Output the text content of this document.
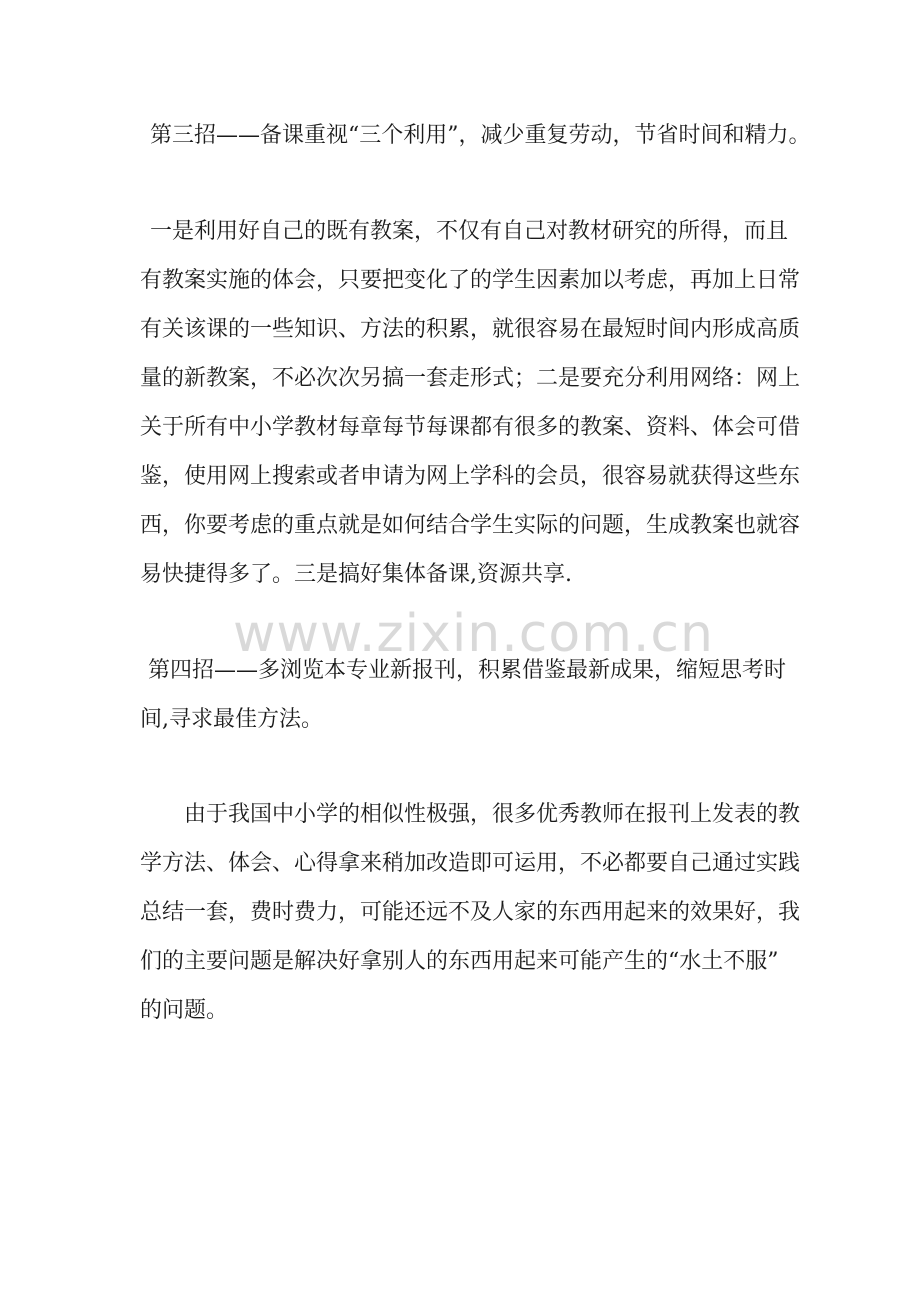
www.zixin.com.cn
第三招——备课重视“三个利用”，减少重复劳动，节省时间和精力。
一是利用好自己的既有教案，不仅有自己对教材研究的所得，而且
有教案实施的体会，只要把变化了的学生因素加以考虑，再加上日常
有关该课的一些知识、方法的积累，就很容易在最短时间内形成高质
量的新教案，不必次次另搞一套走形式；二是要充分利用网络：网上
关于所有中小学教材每章每节每课都有很多的教案、资料、体会可借
鉴，使用网上搜索或者申请为网上学科的会员，很容易就获得这些东
西，你要考虑的重点就是如何结合学生实际的问题，生成教案也就容
易快捷得多了。三是搞好集体备课,资源共享.
第四招——多浏览本专业新报刊，积累借鉴最新成果，缩短思考时
间,寻求最佳方法。
由于我国中小学的相似性极强，很多优秀教师在报刊上发表的教
学方法、体会、心得拿来稍加改造即可运用，不必都要自己通过实践
总结一套，费时费力，可能还远不及人家的东西用起来的效果好，我
们的主要问题是解决好拿别人的东西用起来可能产生的“水土不服”
的问题。
